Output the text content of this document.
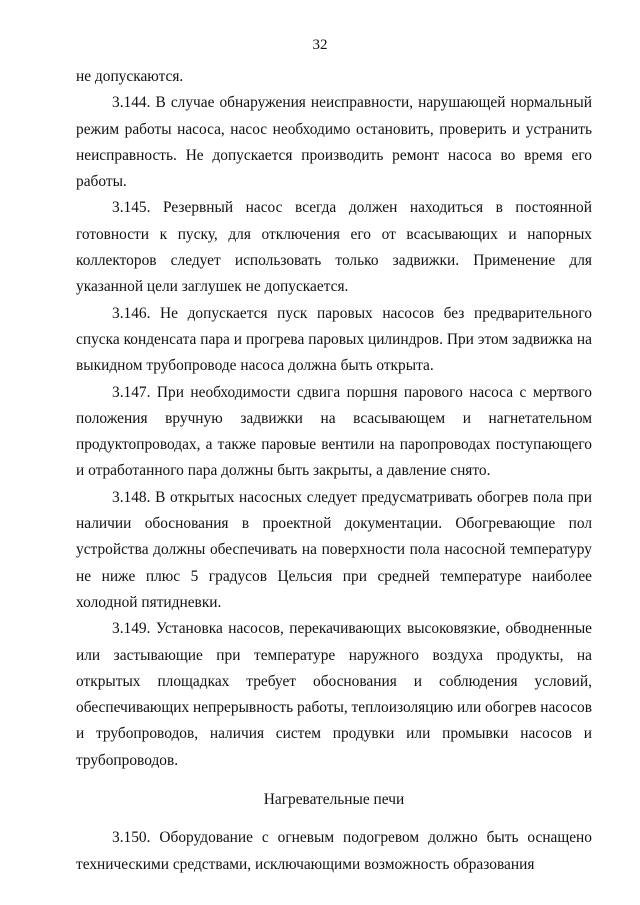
32

не допускаются.

3.144. В случае обнаружения неисправности, нарушающей нормальный режим работы насоса, насос необходимо остановить, проверить и устранить неисправность. Не допускается производить ремонт насоса во время его работы.

3.145. Резервный насос всегда должен находиться в постоянной готовности к пуску, для отключения его от всасывающих и напорных коллекторов следует использовать только задвижки. Применение для указанной цели заглушек не допускается.

3.146. Не допускается пуск паровых насосов без предварительного спуска конденсата пара и прогрева паровых цилиндров. При этом задвижка на выкидном трубопроводе насоса должна быть открыта.

3.147. При необходимости сдвига поршня парового насоса с мертвого положения вручную задвижки на всасывающем и нагнетательном продуктопроводах, а также паровые вентили на паропроводах поступающего и отработанного пара должны быть закрыты, а давление снято.

3.148. В открытых насосных следует предусматривать обогрев пола при наличии обоснования в проектной документации. Обогревающие пол устройства должны обеспечивать на поверхности пола насосной температуру не ниже плюс 5 градусов Цельсия при средней температуре наиболее холодной пятидневки.

3.149. Установка насосов, перекачивающих высоковязкие, обводненные или застывающие при температуре наружного воздуха продукты, на открытых площадках требует обоснования и соблюдения условий, обеспечивающих непрерывность работы, теплоизоляцию или обогрев насосов и трубопроводов, наличия систем продувки или промывки насосов и трубопроводов.

Нагревательные печи

3.150. Оборудование с огневым подогревом должно быть оснащено техническими средствами, исключающими возможность образования
